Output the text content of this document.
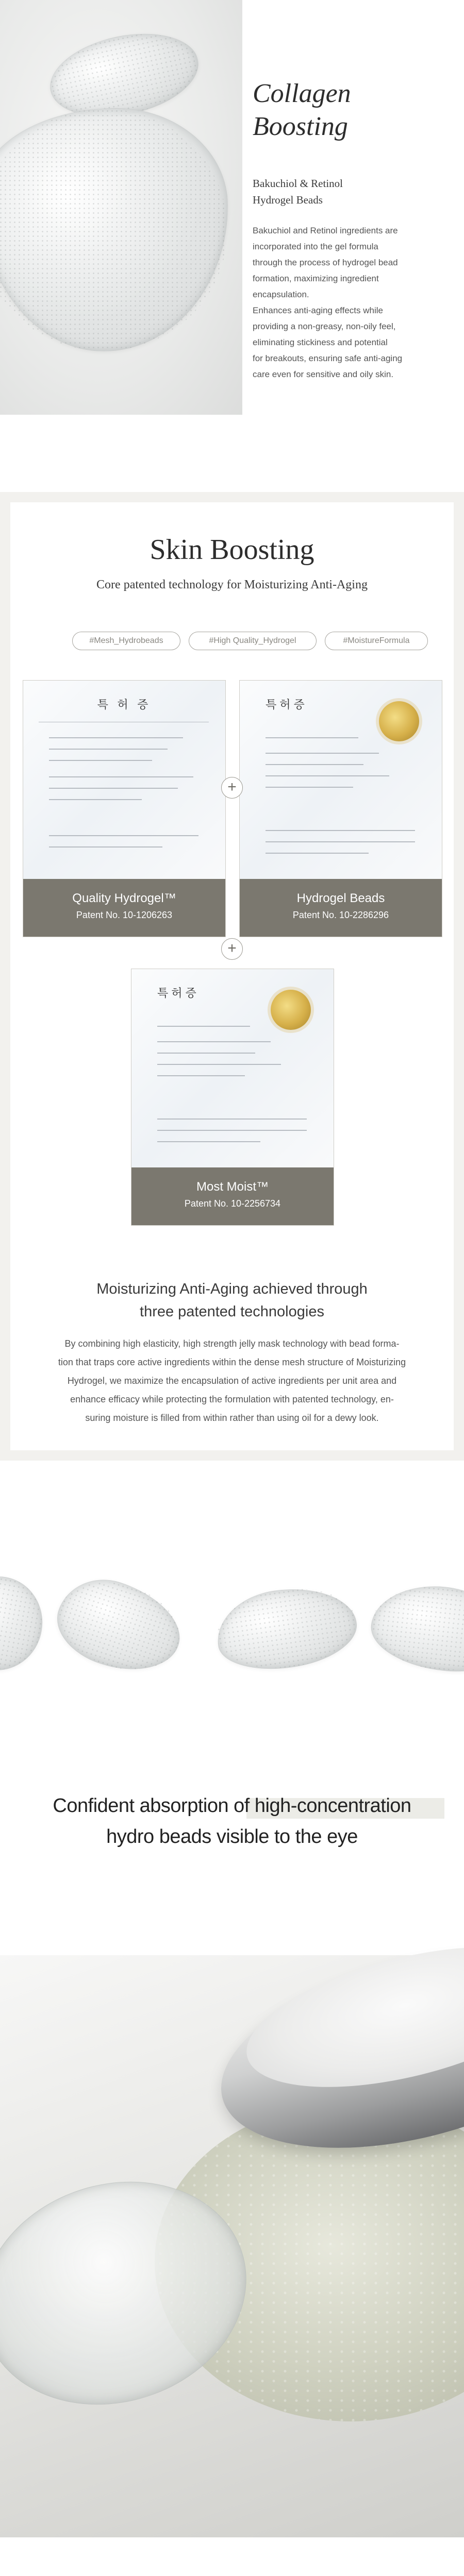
Collagen
Boosting
Bakuchiol & Retinol
Hydrogel Beads
Bakuchiol and Retinol ingredients are
incorporated into the gel formula
through the process of hydrogel bead
formation, maximizing ingredient
encapsulation.
Enhances anti-aging effects while
providing a non-greasy, non-oily feel,
eliminating stickiness and potential
for breakouts, ensuring safe anti-aging
care even for sensitive and oily skin.
Skin Boosting
Core patented technology for Moisturizing Anti-Aging
#Mesh_Hydrobeads	#High Quality_Hydrogel	#MoistureFormula
특 허 증
Quality Hydrogel™
Patent No. 10-1206263
특허증
Hydrogel Beads
Patent No. 10-2286296
+
특허증
Most Moist™
Patent No. 10-2256734
+
Moisturizing Anti-Aging achieved through
three patented technologies
By combining high elasticity, high strength jelly mask technology with bead forma-
tion that traps core active ingredients within the dense mesh structure of Moisturizing
Hydrogel, we maximize the encapsulation of active ingredients per unit area and
enhance efficacy while protecting the formulation with patented technology, en-
suring moisture is filled from within rather than using oil for a dewy look.
Confident absorption of high-concentration
hydro beads visible to the eye
